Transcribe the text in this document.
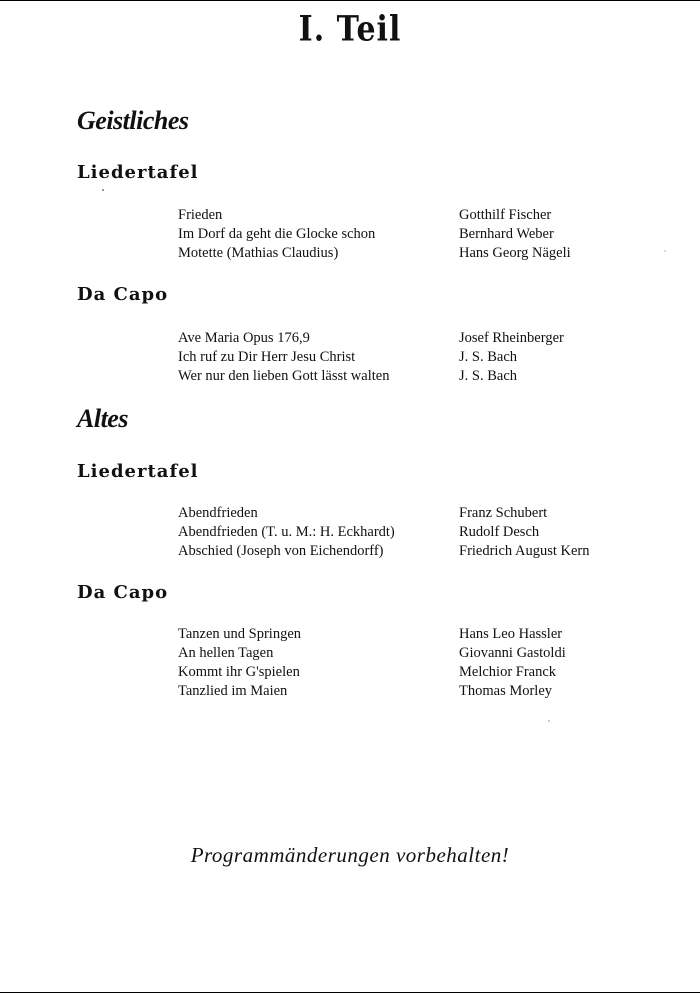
I. Teil
Geistliches
Liedertafel
Frieden	Gotthilf Fischer
Im Dorf da geht die Glocke schon	Bernhard Weber
Motette (Mathias Claudius)	Hans Georg Nägeli
Da Capo
Ave Maria Opus 176,9	Josef Rheinberger
Ich ruf zu Dir Herr Jesu Christ	J. S. Bach
Wer nur den lieben Gott lässt walten	J. S. Bach
Altes
Liedertafel
Abendfrieden	Franz Schubert
Abendfrieden (T. u. M.: H. Eckhardt)	Rudolf Desch
Abschied (Joseph von Eichendorff)	Friedrich August Kern
Da Capo
Tanzen und Springen	Hans Leo Hassler
An hellen Tagen	Giovanni Gastoldi
Kommt ihr G'spielen	Melchior Franck
Tanzlied im Maien	Thomas Morley
Programmänderungen vorbehalten!
